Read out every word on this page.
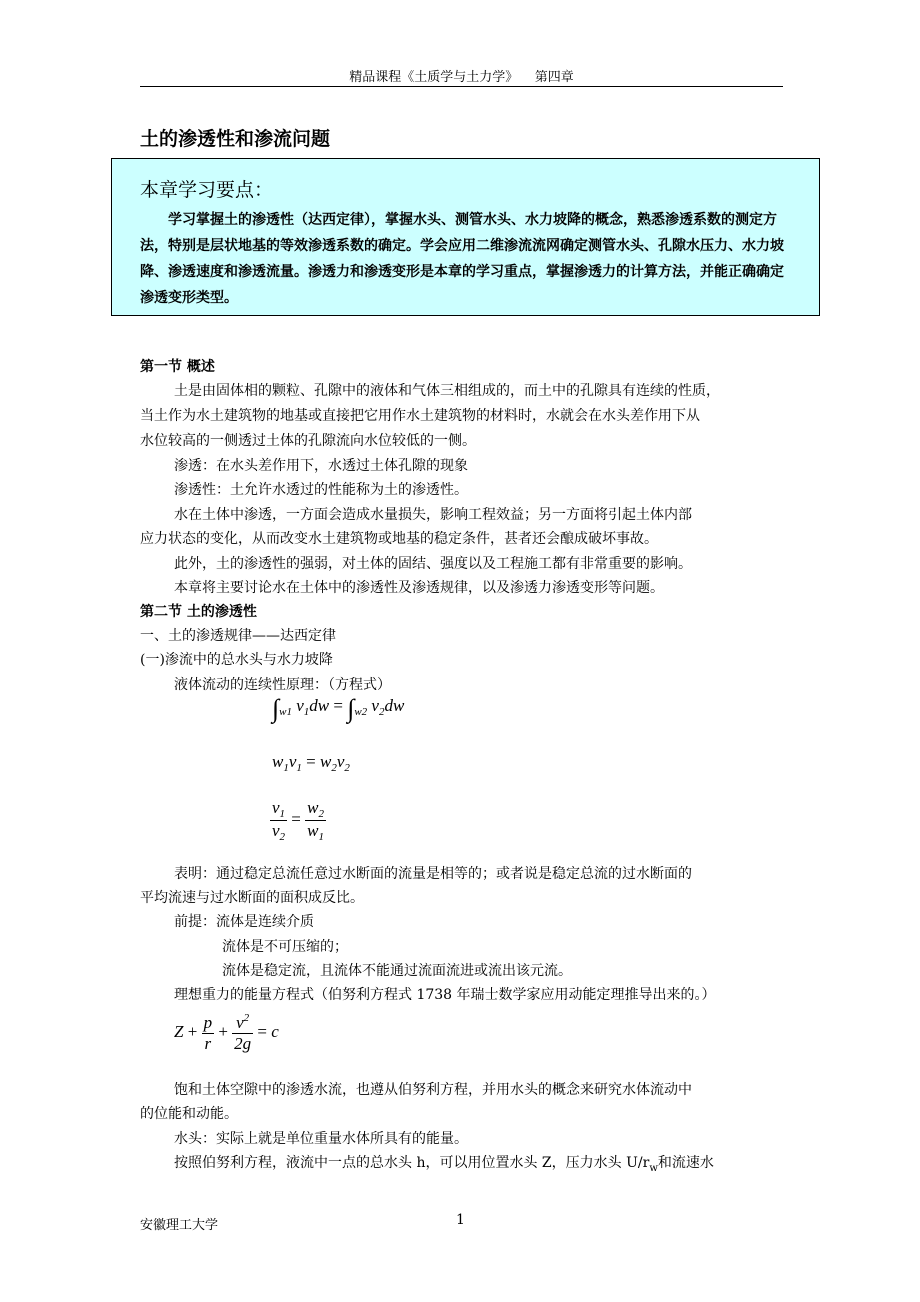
精品课程《土质学与土力学》    第四章
土的渗透性和渗流问题
本章学习要点：
学习掌握土的渗透性（达西定律），掌握水头、测管水头、水力坡降的概念，熟悉渗透系数的测定方法，特别是层状地基的等效渗透系数的确定。学会应用二维渗流流网确定测管水头、孔隙水压力、水力坡降、渗透速度和渗透流量。渗透力和渗透变形是本章的学习重点，掌握渗透力的计算方法，并能正确确定渗透变形类型。
第一节 概述
土是由固体相的颗粒、孔隙中的液体和气体三相组成的，而土中的孔隙具有连续的性质，
当土作为水土建筑物的地基或直接把它用作水土建筑物的材料时，水就会在水头差作用下从
水位较高的一侧透过土体的孔隙流向水位较低的一侧。
渗透：在水头差作用下，水透过土体孔隙的现象
渗透性：土允许水透过的性能称为土的渗透性。
水在土体中渗透，一方面会造成水量损失，影响工程效益；另一方面将引起土体内部
应力状态的变化，从而改变水土建筑物或地基的稳定条件，甚者还会酿成破坏事故。
此外，土的渗透性的强弱，对土体的固结、强度以及工程施工都有非常重要的影响。
本章将主要讨论水在土体中的渗透性及渗透规律，以及渗透力渗透变形等问题。
第二节 土的渗透性
一、土的渗透规律——达西定律
(一)渗流中的总水头与水力坡降
液体流动的连续性原理：（方程式）
$\int_{w1}$ $v_1dw = \int_{w2}$ $v_2dw$
$w_1v_1 = w_2v_2$
$\frac{v_1}{v_2} = \frac{w_2}{w_1}$
表明：通过稳定总流任意过水断面的流量是相等的；或者说是稳定总流的过水断面的
平均流速与过水断面的面积成反比。
前提：流体是连续介质
流体是不可压缩的；
流体是稳定流，且流体不能通过流面流进或流出该元流。
理想重力的能量方程式（伯努利方程式 1738 年瑞士数学家应用动能定理推导出来的。）
$Z + \frac{p}{r} + \frac{v^2}{2g} = c$
饱和土体空隙中的渗透水流，也遵从伯努利方程，并用水头的概念来研究水体流动中
的位能和动能。
水头：实际上就是单位重量水体所具有的能量。
按照伯努利方程，液流中一点的总水头 h，可以用位置水头 Z，压力水头 $U/r_w$和流速水
安徽理工大学	1
